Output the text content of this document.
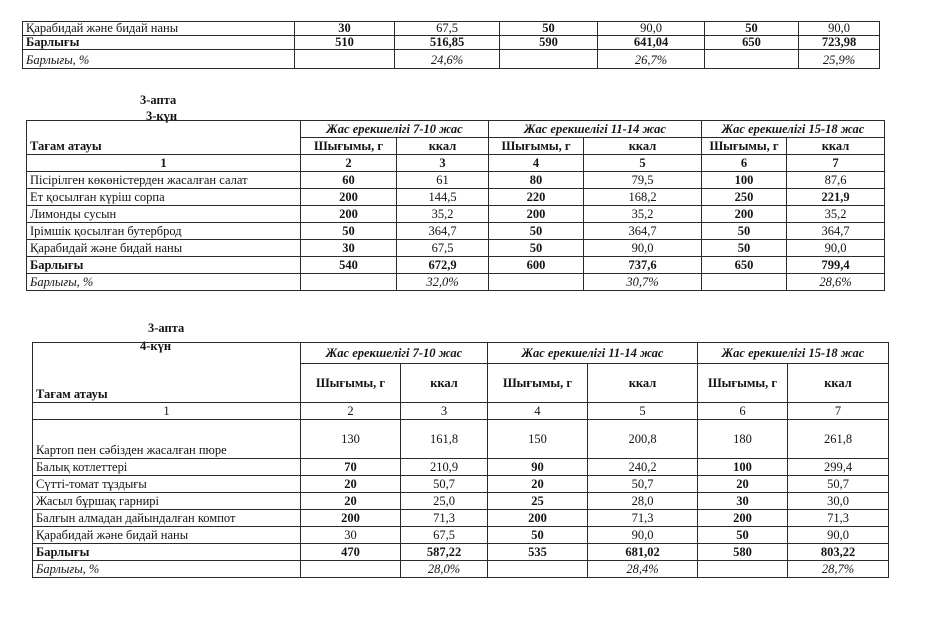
Қарабидай және бидай наны	30	67,5	50	90,0	50	90,0
Барлығы	510	516,85	590	641,04	650	723,98
Барлығы, %		24,6%		26,7%		25,9%
3-апта
3-күн
Тағам атауы	Жас ерекшелігі 7-10 жас		Жас ерекшелігі 11-14 жас		Жас ерекшелігі 15-18 жас	
	Шығымы, г	ккал	Шығымы, г	ккал	Шығымы, г	ккал
1	2	3	4	5	6	7
Пісірілген көкөністерден жасалған салат	60	61	80	79,5	100	87,6
Ет қосылған күріш сорпа	200	144,5	220	168,2	250	221,9
Лимонды сусын	200	35,2	200	35,2	200	35,2
Ірімшік қосылған бутерброд	50	364,7	50	364,7	50	364,7
Қарабидай және бидай наны	30	67,5	50	90,0	50	90,0
Барлығы	540	672,9	600	737,6	650	799,4
Барлығы, %		32,0%		30,7%		28,6%
3-апта
4-күн
Тағам атауы	Жас ерекшелігі 7-10 жас		Жас ерекшелігі 11-14 жас		Жас ерекшелігі 15-18 жас	
	Шығымы, г	ккал	Шығымы, г	ккал	Шығымы, г	ккал
1	2	3	4	5	6	7
Картоп пен сәбізден жасалған пюре	130	161,8	150	200,8	180	261,8
Балық котлеттері	70	210,9	90	240,2	100	299,4
Сүтті-томат тұздығы	20	50,7	20	50,7	20	50,7
Жасыл бұршақ гарнирі	20	25,0	25	28,0	30	30,0
Балғын алмадан дайындалған компот	200	71,3	200	71,3	200	71,3
Қарабидай және бидай наны	30	67,5	50	90,0	50	90,0
Барлығы	470	587,22	535	681,02	580	803,22
Барлығы, %		28,0%		28,4%		28,7%
